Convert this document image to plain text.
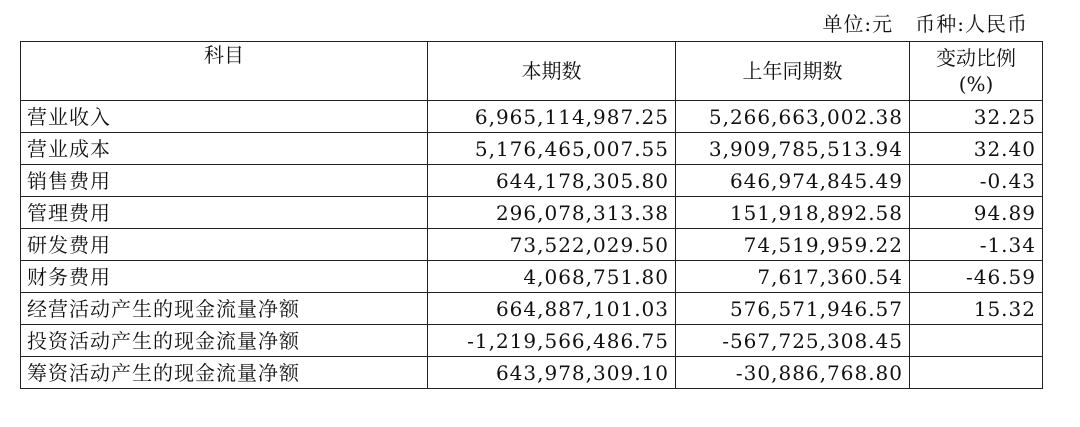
单位:元   币种:人民币
科目	本期数	上年同期数	变动比例
(%)

营业收入	6,965,114,987.25	5,266,663,002.38	32.25
营业成本	5,176,465,007.55	3,909,785,513.94	32.40
销售费用	644,178,305.80	646,974,845.49	-0.43
管理费用	296,078,313.38	151,918,892.58	94.89
研发费用	73,522,029.50	74,519,959.22	-1.34
财务费用	4,068,751.80	7,617,360.54	-46.59
经营活动产生的现金流量净额	664,887,101.03	576,571,946.57	15.32
投资活动产生的现金流量净额	-1,219,566,486.75	-567,725,308.45	
筹资活动产生的现金流量净额	643,978,309.10	-30,886,768.80	
